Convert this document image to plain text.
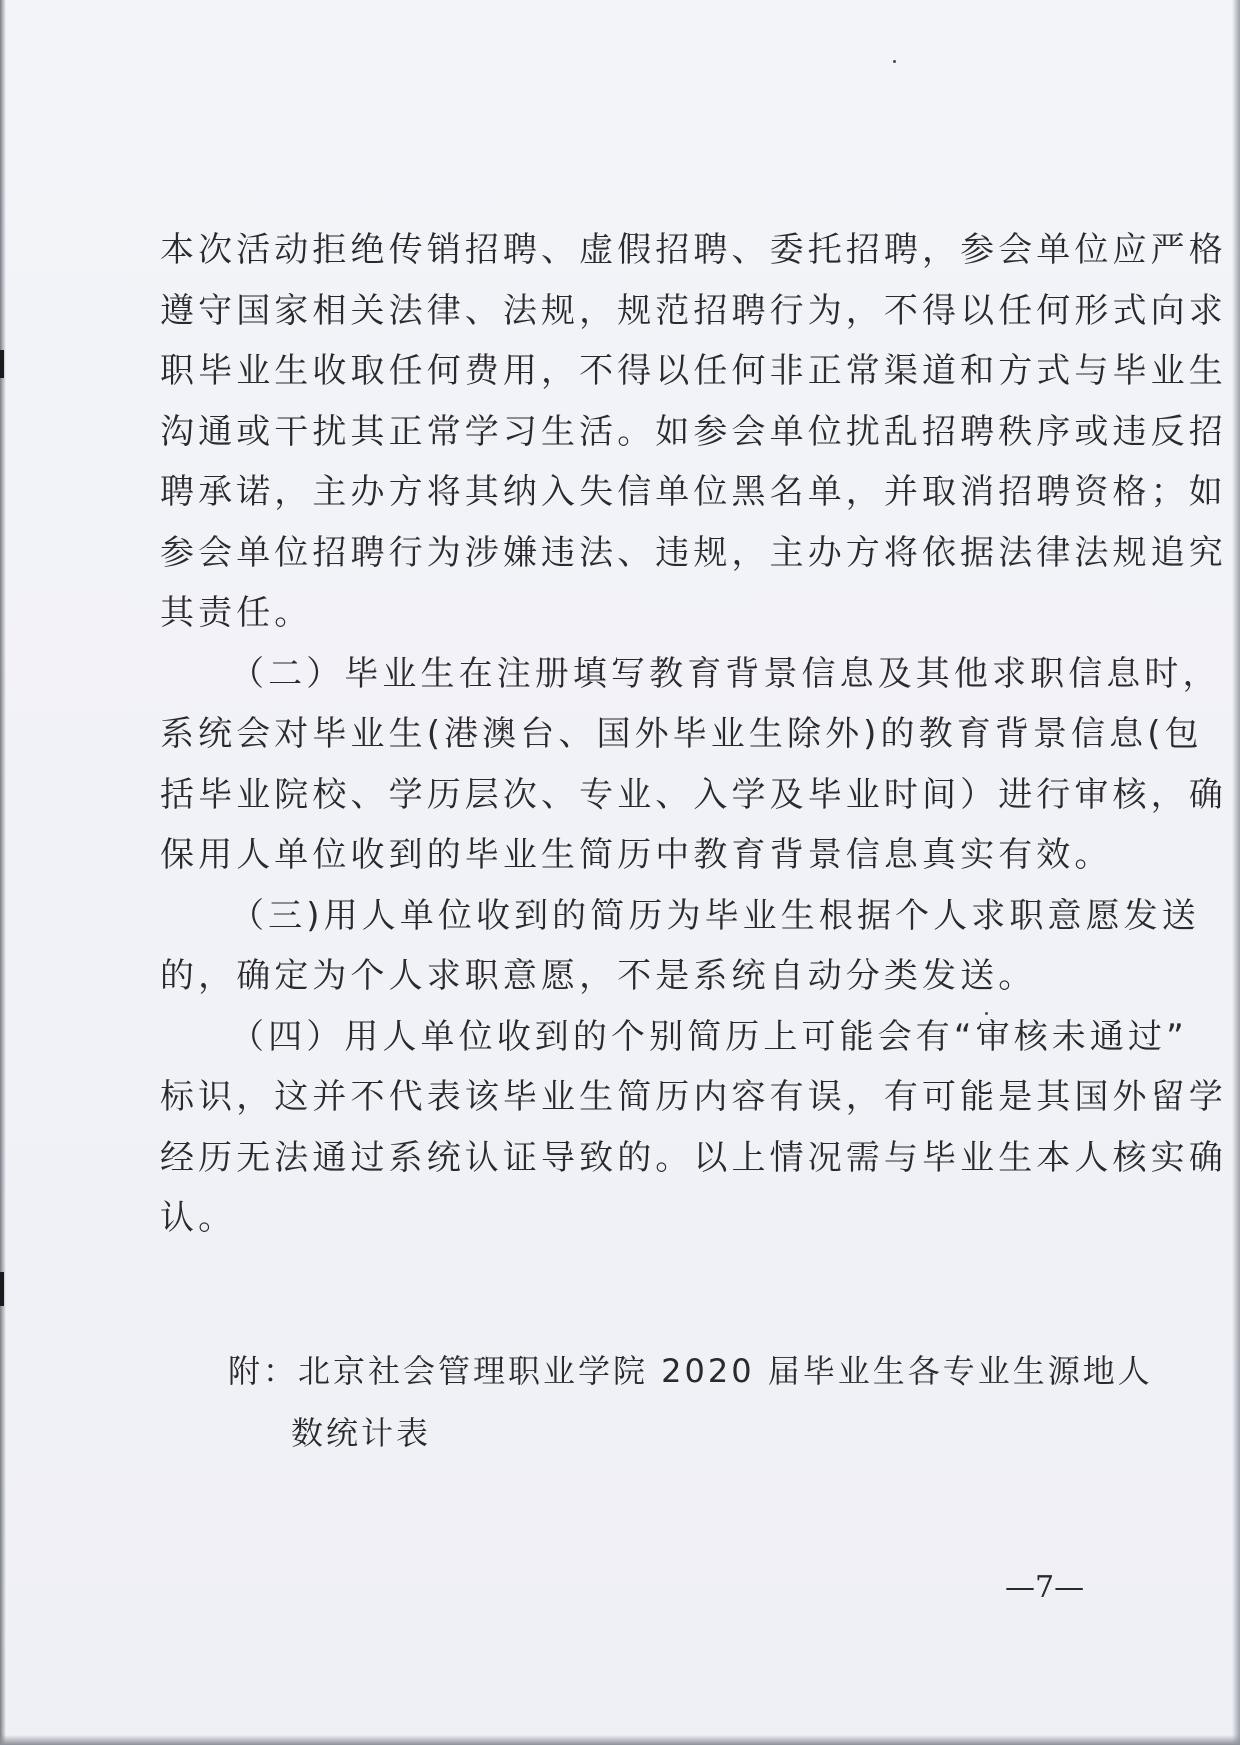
本次活动拒绝传销招聘、虚假招聘、委托招聘，参会单位应严格
遵守国家相关法律、法规，规范招聘行为，不得以任何形式向求
职毕业生收取任何费用，不得以任何非正常渠道和方式与毕业生
沟通或干扰其正常学习生活。如参会单位扰乱招聘秩序或违反招
聘承诺，主办方将其纳入失信单位黑名单，并取消招聘资格；如
参会单位招聘行为涉嫌违法、违规，主办方将依据法律法规追究
其责任。
（二）毕业生在注册填写教育背景信息及其他求职信息时，
系统会对毕业生(港澳台、国外毕业生除外)的教育背景信息(包
括毕业院校、学历层次、专业、入学及毕业时间）进行审核，确
保用人单位收到的毕业生简历中教育背景信息真实有效。
（三)用人单位收到的简历为毕业生根据个人求职意愿发送
的，确定为个人求职意愿，不是系统自动分类发送。
（四）用人单位收到的个别简历上可能会有“审核未通过”
标识，这并不代表该毕业生简历内容有误，有可能是其国外留学
经历无法通过系统认证导致的。以上情况需与毕业生本人核实确
认。
附：北京社会管理职业学院 2020 届毕业生各专业生源地人
数统计表
—7—
